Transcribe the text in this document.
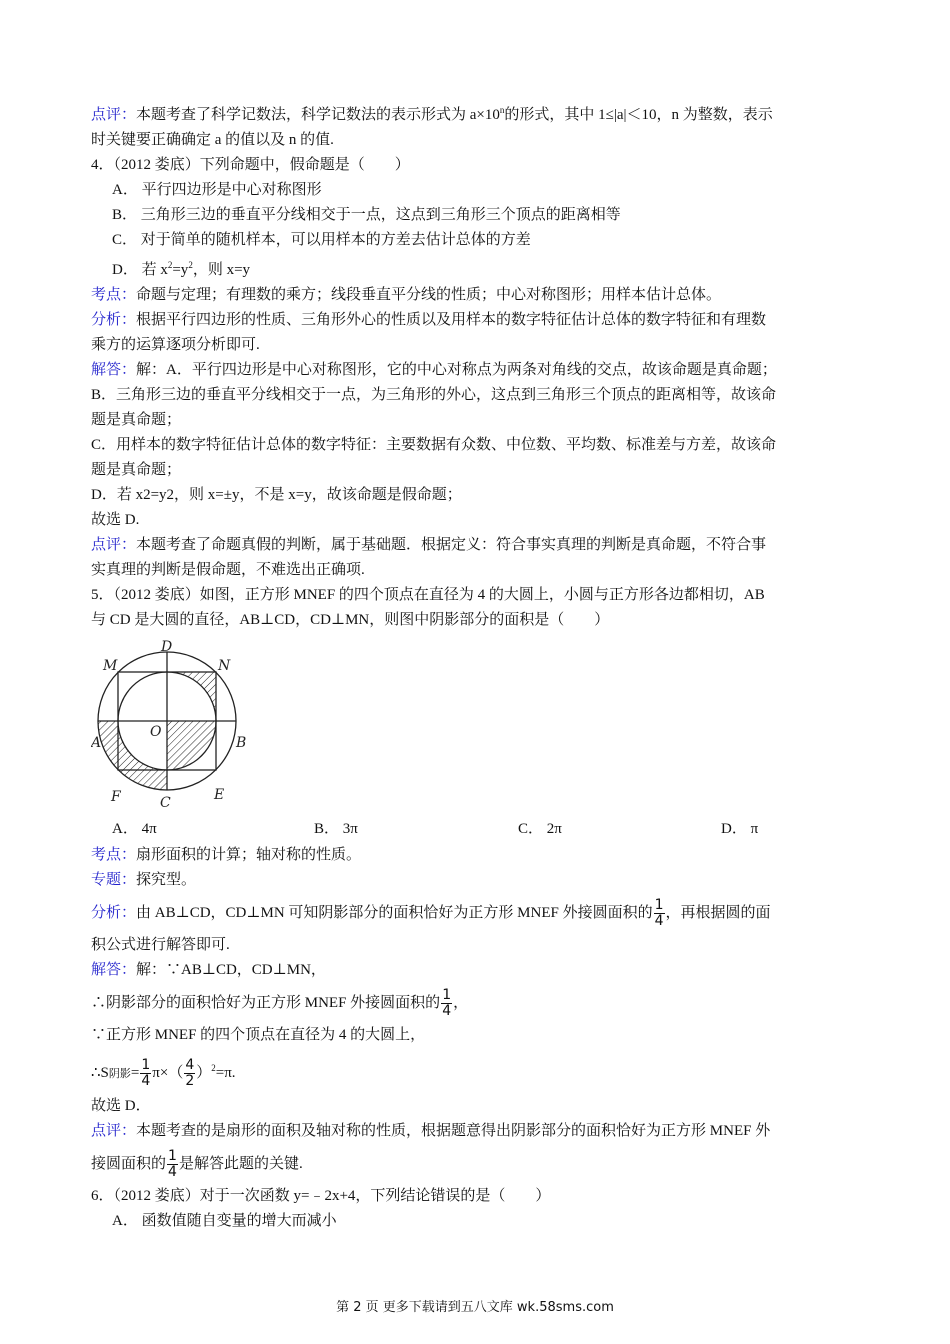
点评：本题考查了科学记数法，科学记数法的表示形式为 $a\times 10^n$的形式，其中 1≤|a|＜10，n 为整数，表示
时关键要正确确定 a 的值以及 n 的值.
4．（2012 娄底）下列命题中，假命题是（　　）
A． 平行四边形是中心对称图形
B． 三角形三边的垂直平分线相交于一点，这点到三角形三个顶点的距离相等
C． 对于简单的随机样本，可以用样本的方差去估计总体的方差
D． 若 $x^2=y^2$，则 x=y
考点：命题与定理；有理数的乘方；线段垂直平分线的性质；中心对称图形；用样本估计总体。
分析：根据平行四边形的性质、三角形外心的性质以及用样本的数字特征估计总体的数字特征和有理数
乘方的运算逐项分析即可.
解答：解：A．平行四边形是中心对称图形，它的中心对称点为两条对角线的交点，故该命题是真命题；
B．三角形三边的垂直平分线相交于一点，为三角形的外心，这点到三角形三个顶点的距离相等，故该命
题是真命题；
C．用样本的数字特征估计总体的数字特征：主要数据有众数、中位数、平均数、标准差与方差，故该命
题是真命题；
D．若 x2=y2，则 x=±y，不是 x=y，故该命题是假命题；
故选 D.
点评：本题考查了命题真假的判断，属于基础题．根据定义：符合事实真理的判断是真命题，不符合事
实真理的判断是假命题，不难选出正确项.
5．（2012 娄底）如图，正方形 MNEF 的四个顶点在直径为 4 的大圆上，小圆与正方形各边都相切，AB
与 CD 是大圆的直径，AB⊥CD，CD⊥MN，则图中阴影部分的面积是（　　）
D
M	N
A
O
B
F	E
C
A． 4π	B． 3π	C． 2π	D． π
考点：扇形面积的计算；轴对称的性质。
专题：探究型。
分析：由 AB⊥CD，CD⊥MN 可知阴影部分的面积恰好为正方形 MNEF 外接圆面积的 $\frac{1}{4}$ ，再根据圆的面
积公式进行解答即可.
解答：解：∵AB⊥CD，CD⊥MN，
∴阴影部分的面积恰好为正方形 MNEF 外接圆面积的 $\frac{1}{4}$ ，
∵正方形 MNEF 的四个顶点在直径为 4 的大圆上，
∴S阴影= $\frac{1}{4} \pi\times( \frac{4}{2} )^2=\pi$.
故选 D．
点评：本题考查的是扇形的面积及轴对称的性质，根据题意得出阴影部分的面积恰好为正方形 MNEF 外
接圆面积的 $\frac{1}{4}$ 是解答此题的关键.
6．（2012 娄底）对于一次函数 y=﹣2x+4，下列结论错误的是（　　）
A． 函数值随自变量的增大而减小
第 2 页 更多下载请到五八文库 wk.58sms.com
